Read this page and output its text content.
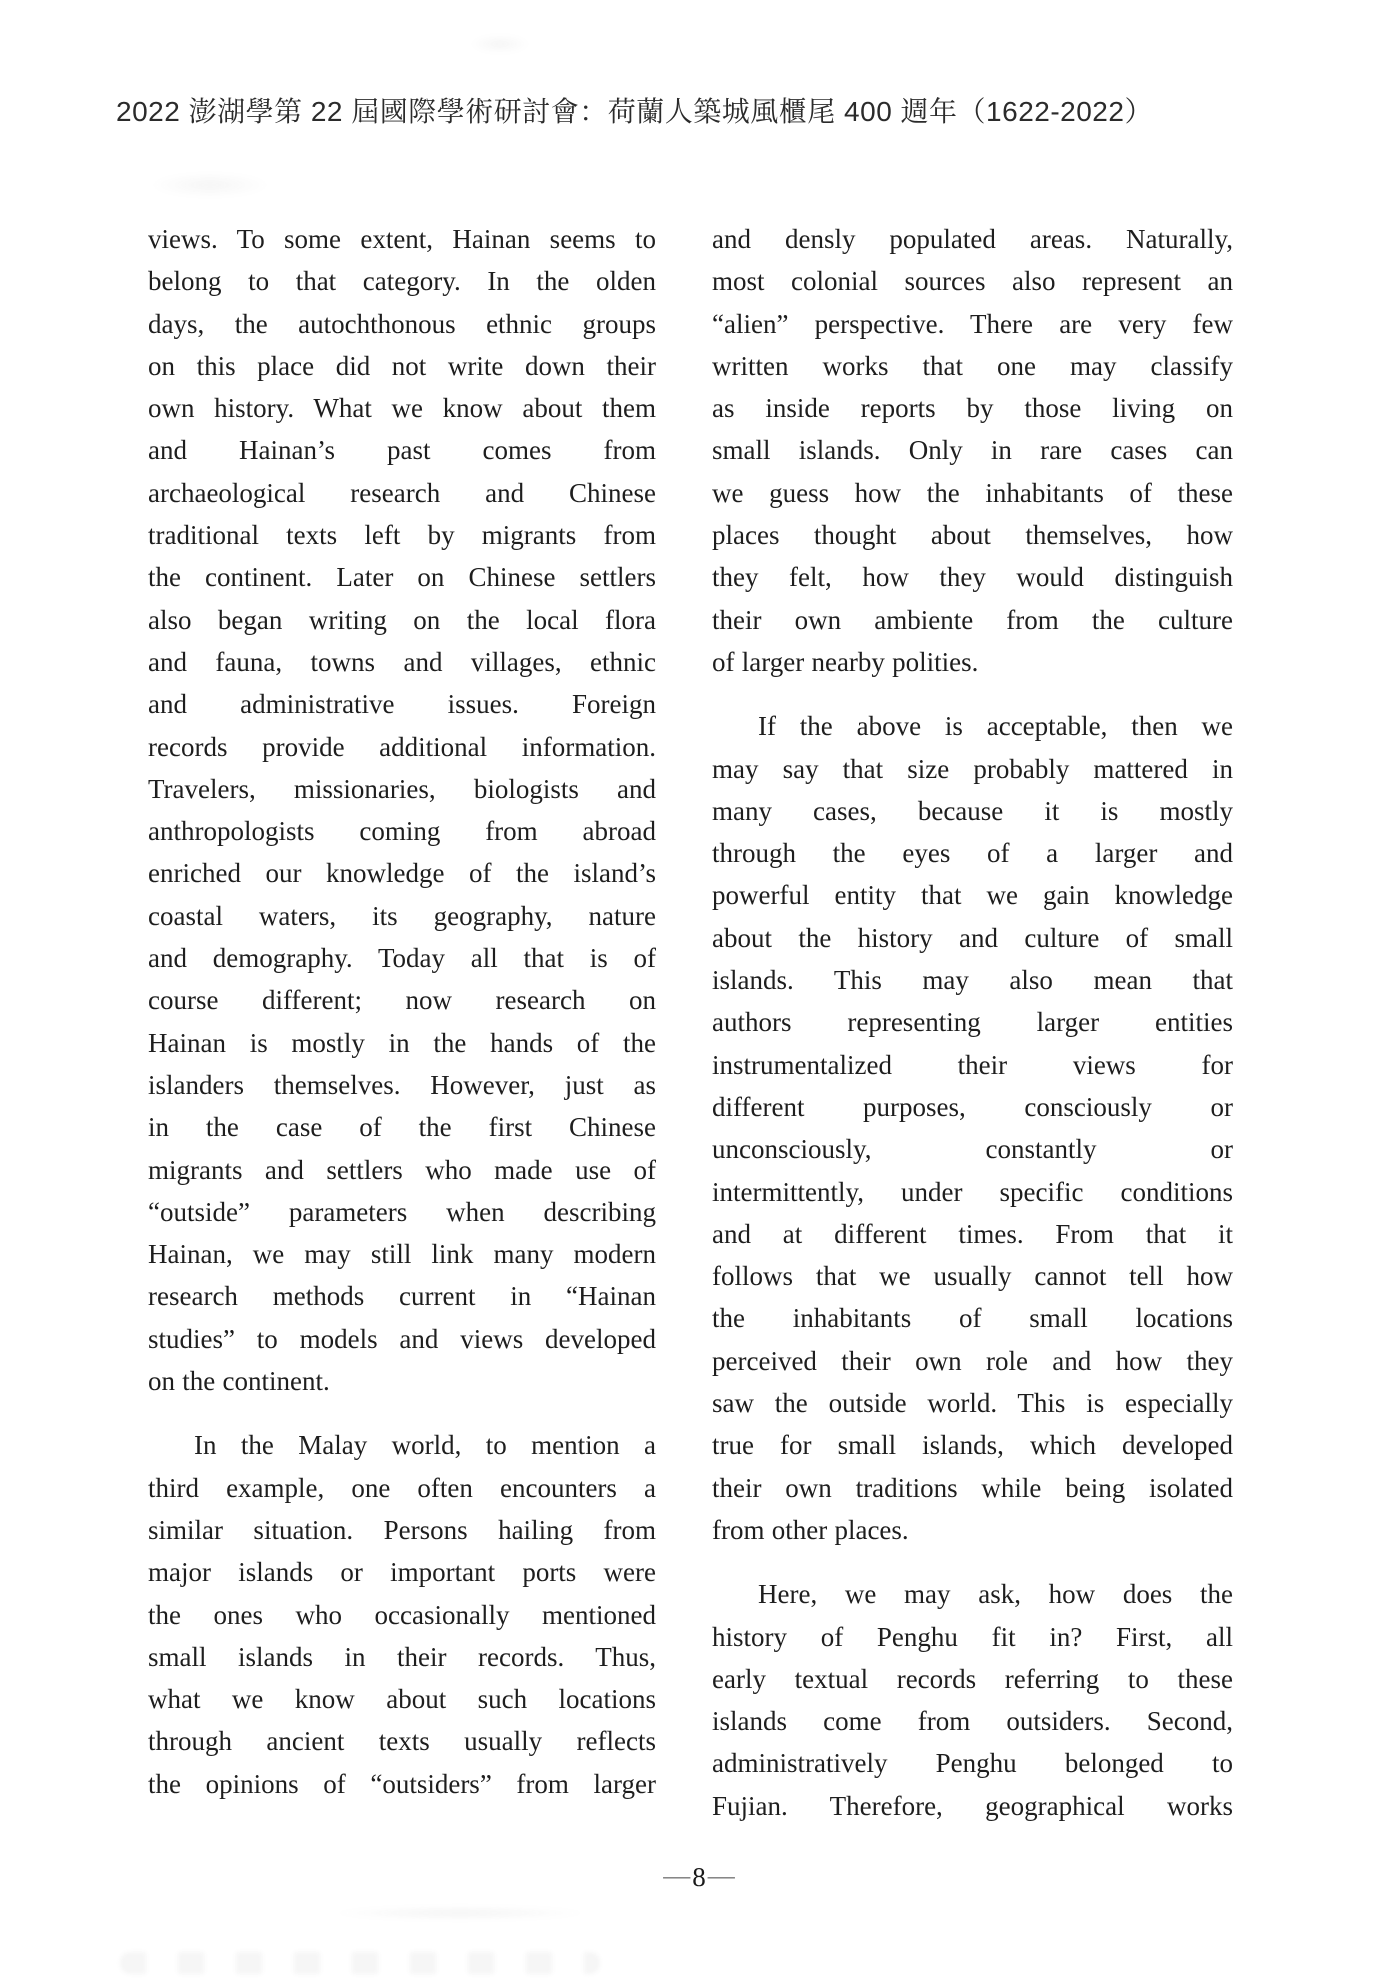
2022 澎湖學第 22 屆國際學術研討會：荷蘭人築城風櫃尾 400 週年（1622-2022）
views. To some extent, Hainan seems to
belong to that category. In the olden
days, the autochthonous ethnic groups
on this place did not write down their
own history. What we know about them
and Hainan’s past comes from
archaeological research and Chinese
traditional texts left by migrants from
the continent. Later on Chinese settlers
also began writing on the local flora
and fauna, towns and villages, ethnic
and administrative issues. Foreign
records provide additional information.
Travelers, missionaries, biologists and
anthropologists coming from abroad
enriched our knowledge of the island’s
coastal waters, its geography, nature
and demography. Today all that is of
course different; now research on
Hainan is mostly in the hands of the
islanders themselves. However, just as
in the case of the first Chinese
migrants and settlers who made use of
“outside” parameters when describing
Hainan, we may still link many modern
research methods current in “Hainan
studies” to models and views developed
on the continent.
In the Malay world, to mention a
third example, one often encounters a
similar situation. Persons hailing from
major islands or important ports were
the ones who occasionally mentioned
small islands in their records. Thus,
what we know about such locations
through ancient texts usually reflects
the opinions of “outsiders” from larger
and densly populated areas. Naturally,
most colonial sources also represent an
“alien” perspective. There are very few
written works that one may classify
as inside reports by those living on
small islands. Only in rare cases can
we guess how the inhabitants of these
places thought about themselves, how
they felt, how they would distinguish
their own ambiente from the culture
of larger nearby polities.
If the above is acceptable, then we
may say that size probably mattered in
many cases, because it is mostly
through the eyes of a larger and
powerful entity that we gain knowledge
about the history and culture of small
islands. This may also mean that
authors representing larger entities
instrumentalized their views for
different purposes, consciously or
unconsciously, constantly or
intermittently, under specific conditions
and at different times. From that it
follows that we usually cannot tell how
the inhabitants of small locations
perceived their own role and how they
saw the outside world. This is especially
true for small islands, which developed
their own traditions while being isolated
from other places.
Here, we may ask, how does the
history of Penghu fit in? First, all
early textual records referring to these
islands come from outsiders. Second,
administratively Penghu belonged to
Fujian. Therefore, geographical works
—8—
